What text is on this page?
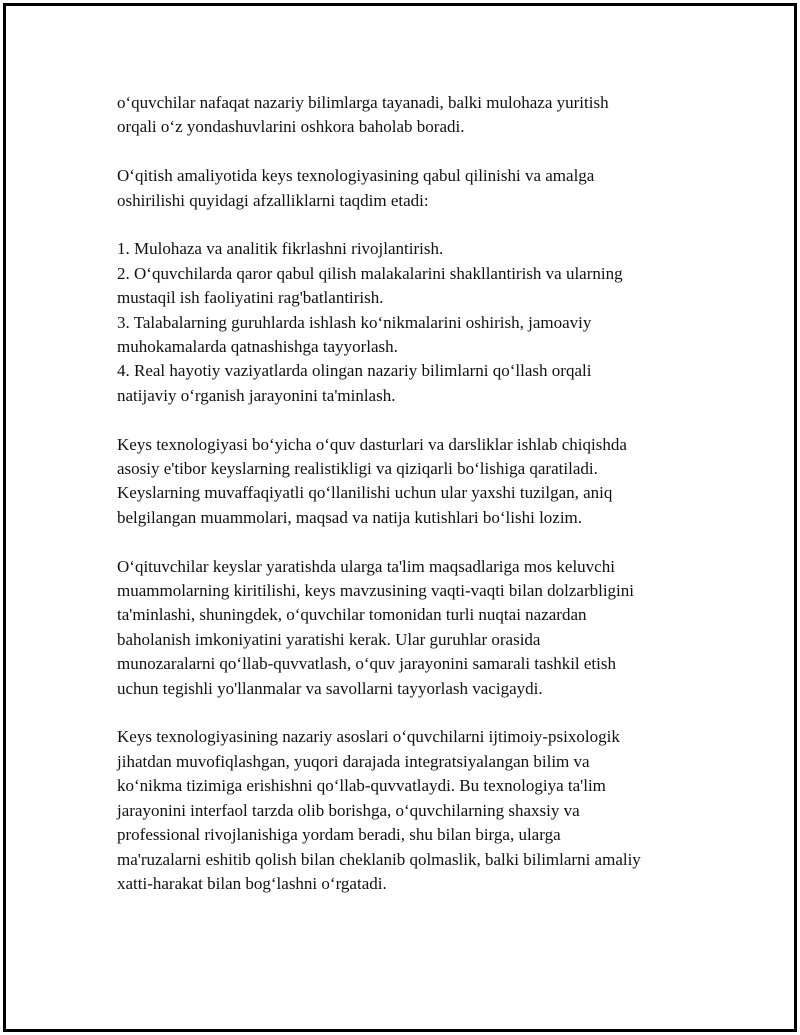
o‘quvchilar nafaqat nazariy bilimlarga tayanadi, balki mulohaza yuritish
orqali o‘z yondashuvlarini oshkora baholab boradi.
O‘qitish amaliyotida keys texnologiyasining qabul qilinishi va amalga
oshirilishi quyidagi afzalliklarni taqdim etadi:
1. Mulohaza va analitik fikrlashni rivojlantirish.
2. O‘quvchilarda qaror qabul qilish malakalarini shakllantirish va ularning
mustaqil ish faoliyatini rag'batlantirish.
3. Talabalarning guruhlarda ishlash ko‘nikmalarini oshirish, jamoaviy
muhokamalarda qatnashishga tayyorlash.
4. Real hayotiy vaziyatlarda olingan nazariy bilimlarni qo‘llash orqali
natijaviy o‘rganish jarayonini ta'minlash.
Keys texnologiyasi bo‘yicha o‘quv dasturlari va darsliklar ishlab chiqishda
asosiy e'tibor keyslarning realistikligi va qiziqarli bo‘lishiga qaratiladi.
Keyslarning muvaffaqiyatli qo‘llanilishi uchun ular yaxshi tuzilgan, aniq
belgilangan muammolari, maqsad va natija kutishlari bo‘lishi lozim.
O‘qituvchilar keyslar yaratishda ularga ta'lim maqsadlariga mos keluvchi
muammolarning kiritilishi, keys mavzusining vaqti-vaqti bilan dolzarbligini
ta'minlashi, shuningdek, o‘quvchilar tomonidan turli nuqtai nazardan
baholanish imkoniyatini yaratishi kerak. Ular guruhlar orasida
munozaralarni qo‘llab-quvvatlash, o‘quv jarayonini samarali tashkil etish
uchun tegishli yo'llanmalar va savollarni tayyorlash vacigaydi.
Keys texnologiyasining nazariy asoslari o‘quvchilarni ijtimoiy-psixologik
jihatdan muvofiqlashgan, yuqori darajada integratsiyalangan bilim va
ko‘nikma tizimiga erishishni qo‘llab-quvvatlaydi. Bu texnologiya ta'lim
jarayonini interfaol tarzda olib borishga, o‘quvchilarning shaxsiy va
professional rivojlanishiga yordam beradi, shu bilan birga, ularga
ma'ruzalarni eshitib qolish bilan cheklanib qolmaslik, balki bilimlarni amaliy
xatti-harakat bilan bog‘lashni o‘rgatadi.
